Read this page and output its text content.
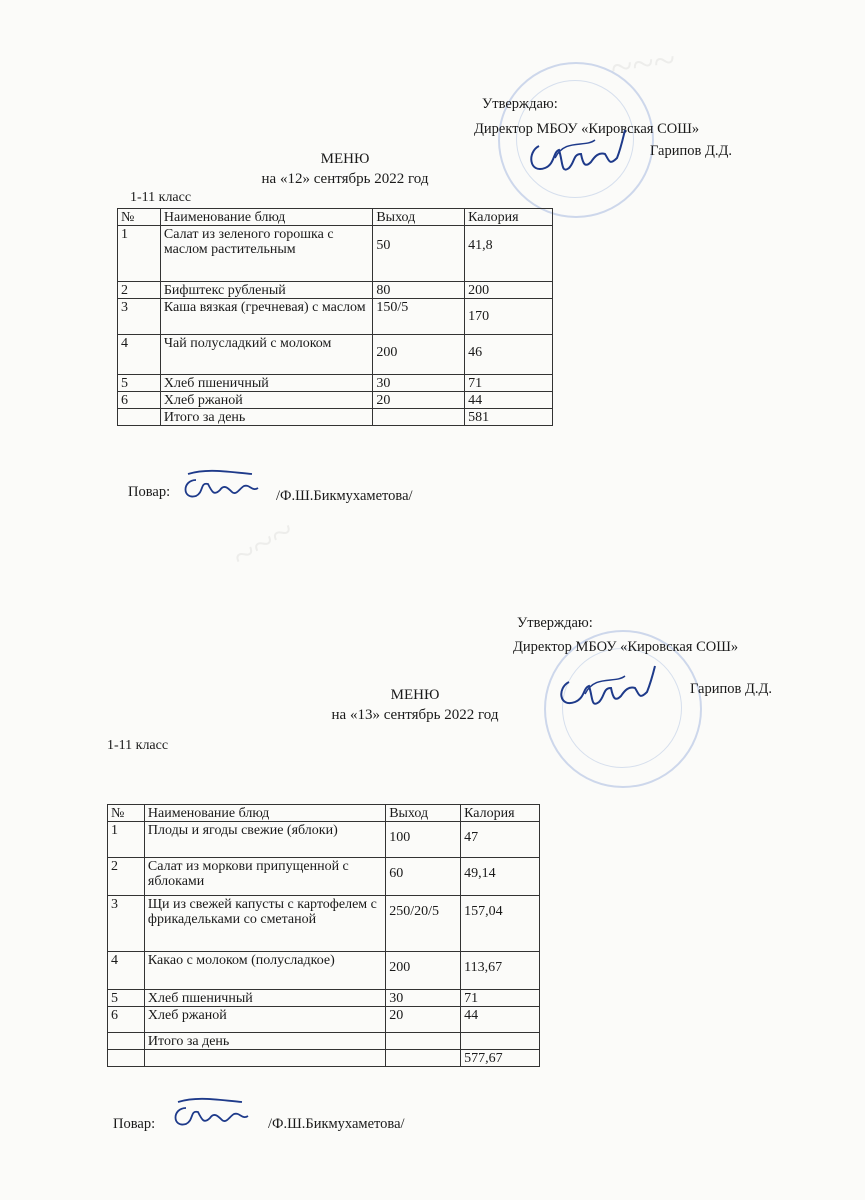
~~~
~~~
Утверждаю:
Директор МБОУ «Кировская СОШ»
Гарипов Д.Д.
МЕНЮ
на «12» сентябрь 2022 год
1-11 класс
№	Наименование блюд	Выход	Калория
1	Салат из зеленого горошка с маслом растительным	50	41,8
2	Бифштекс рубленый	80	200
3	Каша вязкая (гречневая) с маслом	150/5	170
4	Чай полусладкий с молоком	200	46
5	Хлеб пшеничный	30	71
6	Хлеб ржаной	20	44
	Итого за день		581
Повар:	/Ф.Ш.Бикмухаметова/
Утверждаю:
Директор МБОУ «Кировская СОШ»
Гарипов Д.Д.
МЕНЮ
на «13» сентябрь 2022 год
1-11 класс
№	Наименование блюд	Выход	Калория
1	Плоды и ягоды свежие (яблоки)	100	47
2	Салат из моркови припущенной с яблоками	60	49,14
3	Щи из свежей капусты с картофелем с фрикадельками со сметаной	250/20/5	157,04
4	Какао с молоком (полусладкое)	200	113,67
5	Хлеб пшеничный	30	71
6	Хлеб ржаной	20	44
	Итого за день		
			577,67
Повар:	/Ф.Ш.Бикмухаметова/
